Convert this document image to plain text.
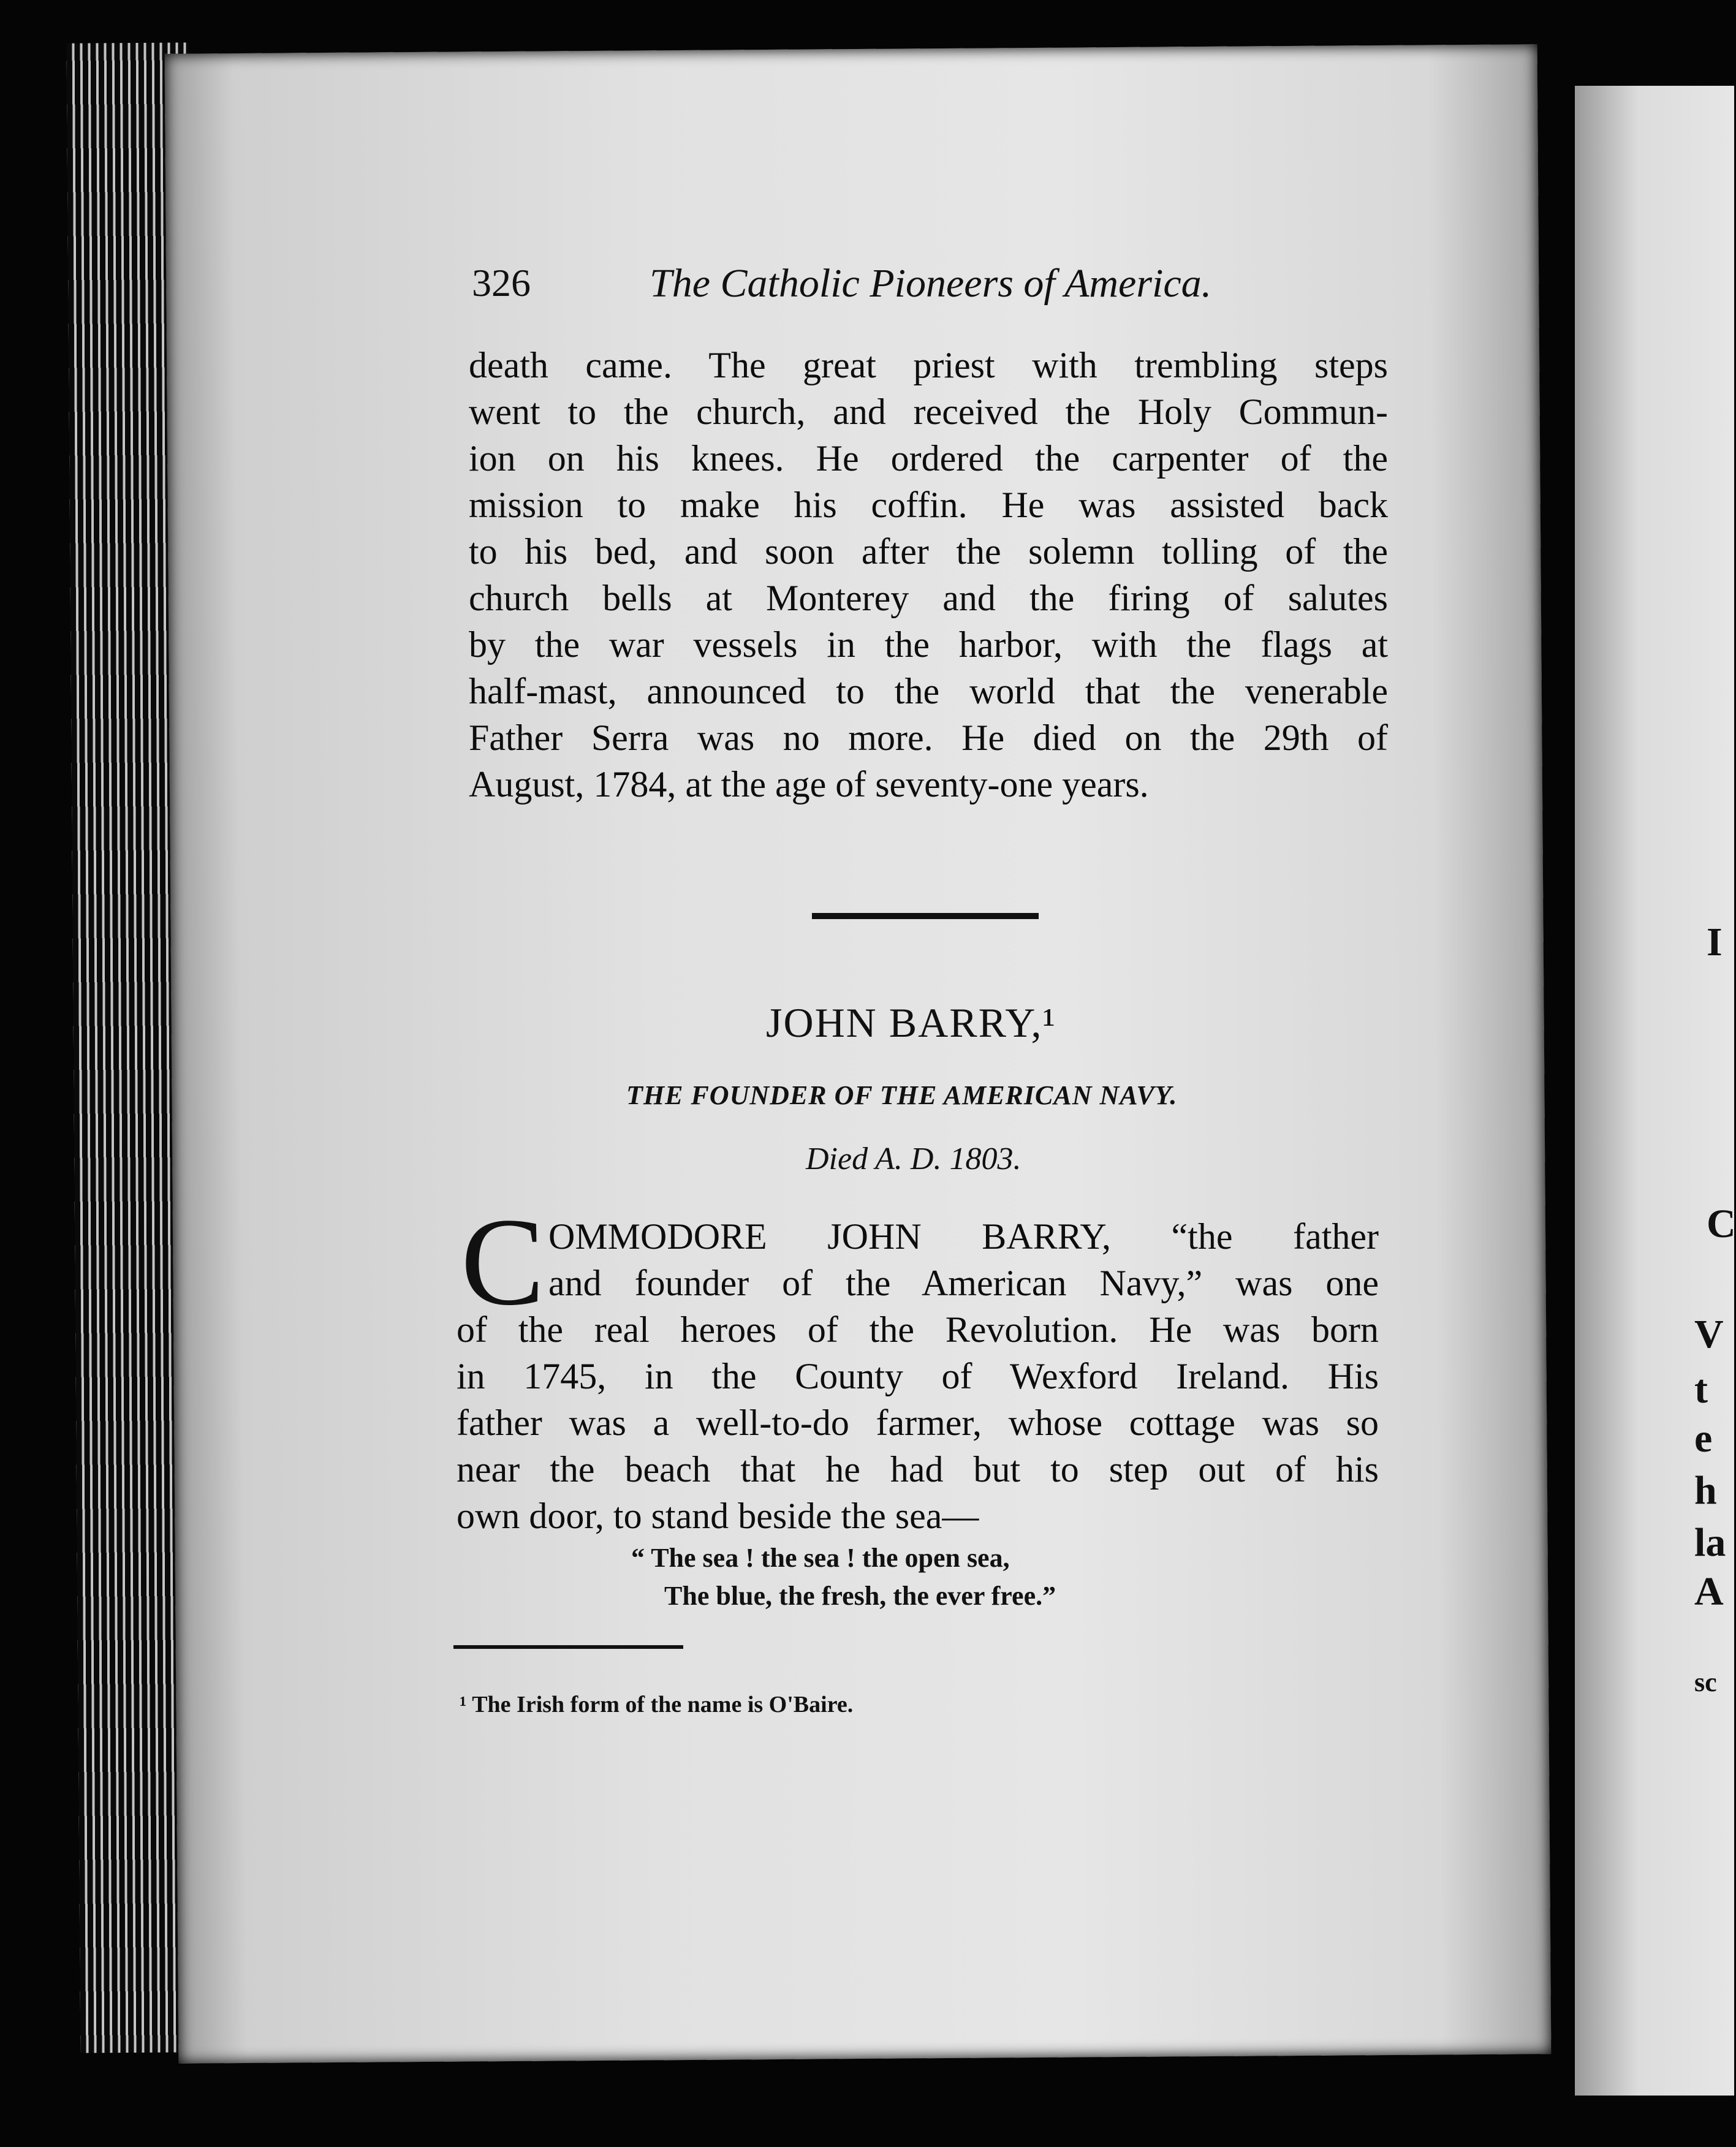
I
C
V
t
e
h
la
A
sc
326	The Catholic Pioneers of America.
death came. The great priest with trembling steps
went to the church, and received the Holy Commun-
ion on his knees. He ordered the carpenter of the
mission to make his coffin. He was assisted back
to his bed, and soon after the solemn tolling of the
church bells at Monterey and the firing of salutes
by the war vessels in the harbor, with the flags at
half-mast, announced to the world that the venerable
Father Serra was no more. He died on the 29th of
August, 1784, at the age of seventy-one years.
JOHN BARRY,¹
THE FOUNDER OF THE AMERICAN NAVY.
Died A. D. 1803.
C OMMODORE JOHN BARRY, “the father
and founder of the American Navy,” was one
of the real heroes of the Revolution. He was born
in 1745, in the County of Wexford Ireland. His
father was a well-to-do farmer, whose cottage was so
near the beach that he had but to step out of his
own door, to stand beside the sea—
“ The sea ! the sea ! the open sea,
The blue, the fresh, the ever free.”
¹ The Irish form of the name is O'Baire.
